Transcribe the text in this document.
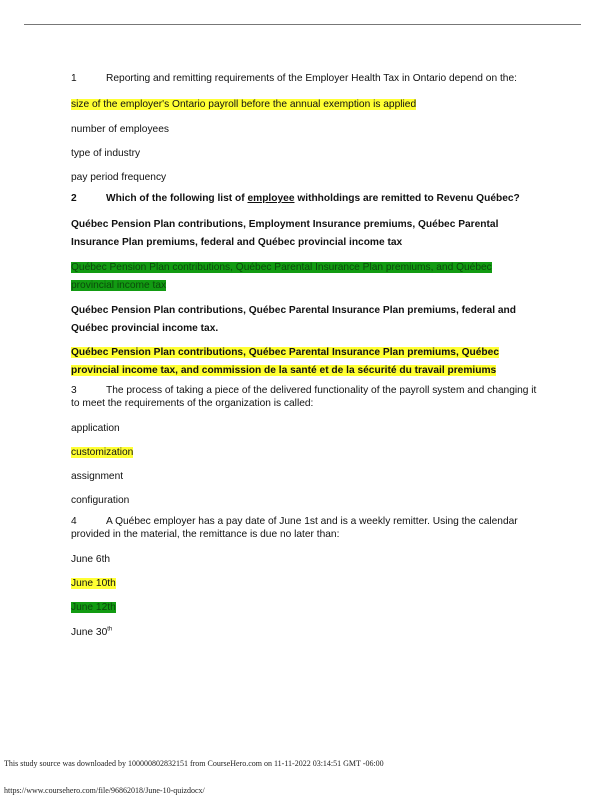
1	Reporting and remitting requirements of the Employer Health Tax in Ontario depend on the:
size of the employer's Ontario payroll before the annual exemption is applied
number of employees
type of industry
pay period frequency
2	Which of the following list of employee withholdings are remitted to Revenu Québec?
Québec Pension Plan contributions, Employment Insurance premiums, Québec Parental
Insurance Plan premiums, federal and Québec provincial income tax
Québec Pension Plan contributions, Québec Parental Insurance Plan premiums, and Québec
provincial income tax
Québec Pension Plan contributions, Québec Parental Insurance Plan premiums, federal and
Québec provincial income tax.
Québec Pension Plan contributions, Québec Parental Insurance Plan premiums, Québec
provincial income tax, and commission de la santé et de la sécurité du travail premiums
3	The process of taking a piece of the delivered functionality of the payroll system and changing it
to meet the requirements of the organization is called:
application
customization
assignment
configuration
4	A Québec employer has a pay date of June 1st and is a weekly remitter. Using the calendar
provided in the material, the remittance is due no later than:
June 6th
June 10th
June 12th
June 30th
This study source was downloaded by 100000802832151 from CourseHero.com on 11-11-2022 03:14:51 GMT -06:00
https://www.coursehero.com/file/96862018/June-10-quizdocx/
